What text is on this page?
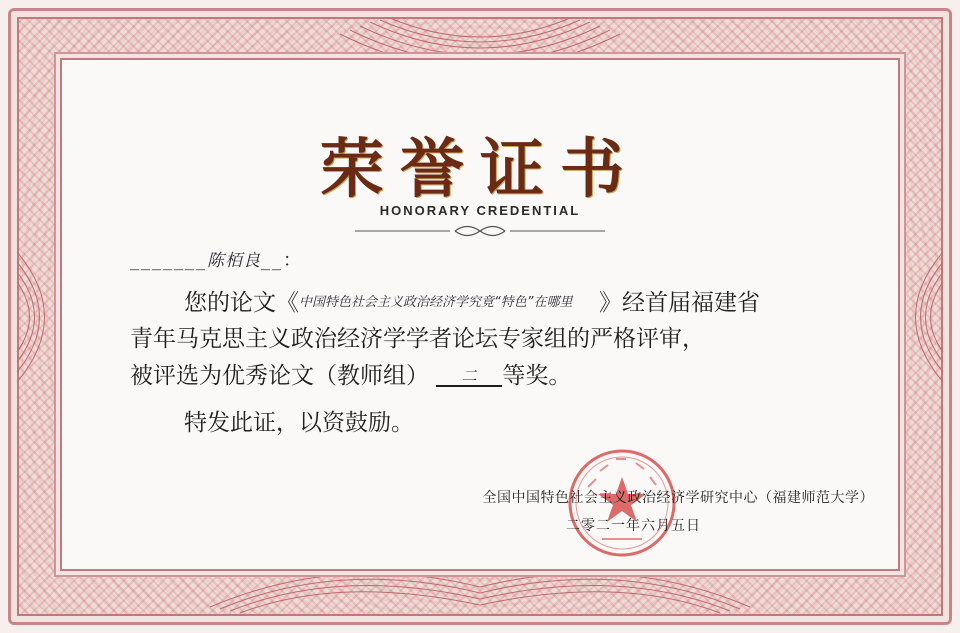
荣誉证书
HONORARY CREDENTIAL
_______陈栢良__：
您的论文《中国特色社会主义政治经济学究竟“特色”在哪里 》经首届福建省
青年马克思主义政治经济学学者论坛专家组的严格评审，
被评选为优秀论文（教师组） 二 等奖。
特发此证，以资鼓励。
全国中国特色社会主义政治经济学研究中心（福建师范大学）
二零二一年六月五日
